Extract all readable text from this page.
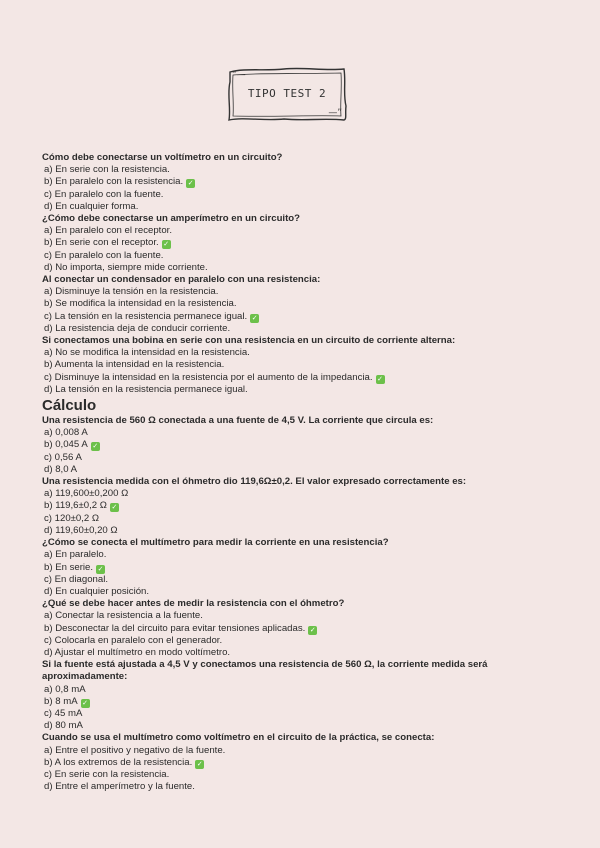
“—
TIPO TEST 2
—”
Cómo debe conectarse un voltímetro en un circuito?
a) En serie con la resistencia.
b) En paralelo con la resistencia. ✓
c) En paralelo con la fuente.
d) En cualquier forma.
¿Cómo debe conectarse un amperímetro en un circuito?
a) En paralelo con el receptor.
b) En serie con el receptor. ✓
c) En paralelo con la fuente.
d) No importa, siempre mide corriente.
Al conectar un condensador en paralelo con una resistencia:
a) Disminuye la tensión en la resistencia.
b) Se modifica la intensidad en la resistencia.
c) La tensión en la resistencia permanece igual. ✓
d) La resistencia deja de conducir corriente.
Si conectamos una bobina en serie con una resistencia en un circuito de corriente alterna:
a) No se modifica la intensidad en la resistencia.
b) Aumenta la intensidad en la resistencia.
c) Disminuye la intensidad en la resistencia por el aumento de la impedancia. ✓
d) La tensión en la resistencia permanece igual.
Cálculo
Una resistencia de 560 Ω conectada a una fuente de 4,5 V. La corriente que circula es:
a) 0,008 A
b) 0,045 A ✓
c) 0,56 A
d) 8,0 A
Una resistencia medida con el óhmetro dio 119,6Ω±0,2. El valor expresado correctamente es:
a) 119,600±0,200 Ω
b) 119,6±0,2 Ω ✓
c) 120±0,2 Ω
d) 119,60±0,20 Ω
¿Cómo se conecta el multímetro para medir la corriente en una resistencia?
a) En paralelo.
b) En serie. ✓
c) En diagonal.
d) En cualquier posición.
¿Qué se debe hacer antes de medir la resistencia con el óhmetro?
a) Conectar la resistencia a la fuente.
b) Desconectar la del circuito para evitar tensiones aplicadas. ✓
c) Colocarla en paralelo con el generador.
d) Ajustar el multímetro en modo voltímetro.
Si la fuente está ajustada a 4,5 V y conectamos una resistencia de 560 Ω, la corriente medida será aproximadamente:
a) 0,8 mA
b) 8 mA ✓
c) 45 mA
d) 80 mA
Cuando se usa el multímetro como voltímetro en el circuito de la práctica, se conecta:
a) Entre el positivo y negativo de la fuente.
b) A los extremos de la resistencia. ✓
c) En serie con la resistencia.
d) Entre el amperímetro y la fuente.
